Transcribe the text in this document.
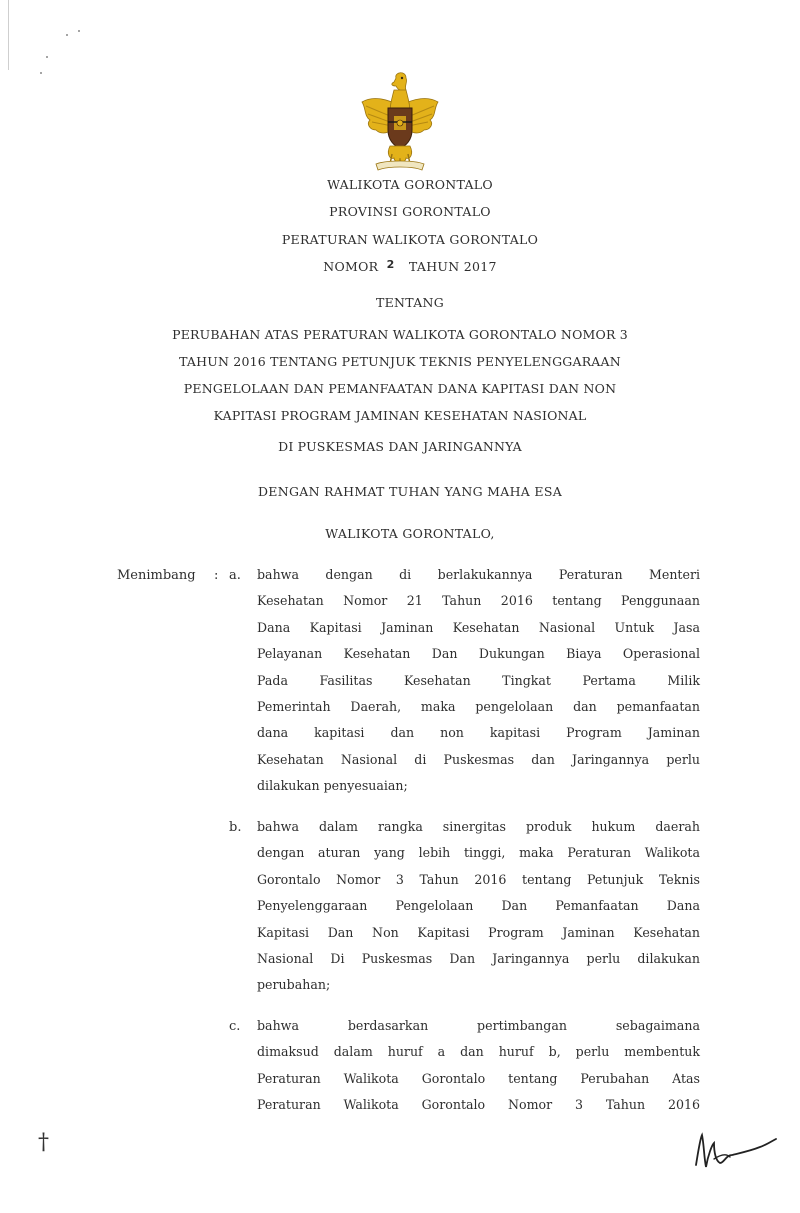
WALIKOTA GORONTALO
PROVINSI GORONTALO
PERATURAN WALIKOTA GORONTALO
NOMOR 2 TAHUN 2017
TENTANG
PERUBAHAN ATAS PERATURAN WALIKOTA GORONTALO NOMOR 3
TAHUN 2016 TENTANG PETUNJUK TEKNIS PENYELENGGARAAN
PENGELOLAAN DAN PEMANFAATAN DANA KAPITASI DAN NON
KAPITASI PROGRAM JAMINAN KESEHATAN NASIONAL
DI PUSKESMAS DAN JARINGANNYA
DENGAN RAHMAT TUHAN YANG MAHA ESA
WALIKOTA GORONTALO,
Menimbang : a. bahwa dengan di berlakukannya Peraturan Menteri
Kesehatan Nomor 21 Tahun 2016 tentang Penggunaan
Dana Kapitasi Jaminan Kesehatan Nasional Untuk Jasa
Pelayanan Kesehatan Dan Dukungan Biaya Operasional
Pada Fasilitas Kesehatan Tingkat Pertama Milik
Pemerintah Daerah, maka pengelolaan dan pemanfaatan
dana kapitasi dan non kapitasi Program Jaminan
Kesehatan Nasional di Puskesmas dan Jaringannya perlu
dilakukan penyesuaian;
b. bahwa dalam rangka sinergitas produk hukum daerah
dengan aturan yang lebih tinggi, maka Peraturan Walikota
Gorontalo Nomor 3 Tahun 2016 tentang Petunjuk Teknis
Penyelenggaraan Pengelolaan Dan Pemanfaatan Dana
Kapitasi Dan Non Kapitasi Program Jaminan Kesehatan
Nasional Di Puskesmas Dan Jaringannya perlu dilakukan
perubahan;
c. bahwa berdasarkan pertimbangan sebagaimana
dimaksud dalam huruf a dan huruf b, perlu membentuk
Peraturan Walikota Gorontalo tentang Perubahan Atas
Peraturan Walikota Gorontalo Nomor 3 Tahun 2016
†
